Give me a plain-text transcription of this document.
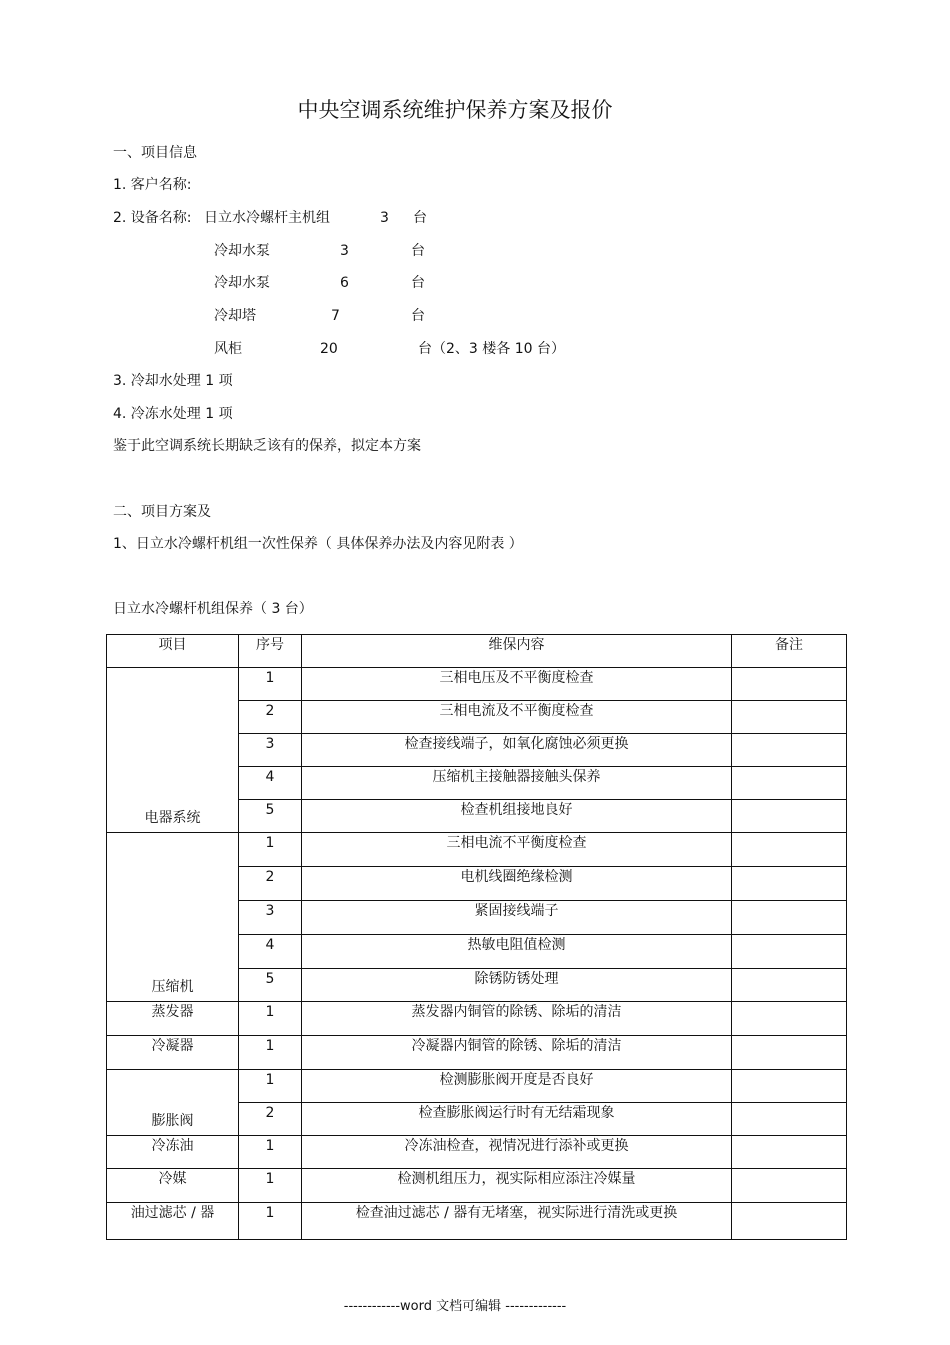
中央空调系统维护保养方案及报价
一、项目信息
1. 客户名称:
2. 设备名称: 日立水冷螺杆主机组	3 台
冷却水泵	3	台
冷却水泵	6	台
冷却塔	7	台
风柜	20	台（2、3 楼各 10 台）
3. 冷却水处理 1 项
4. 冷冻水处理 1 项
鉴于此空调系统长期缺乏该有的保养，拟定本方案
二、项目方案及
1、日立水冷螺杆机组一次性保养（ 具体保养办法及内容见附表 ）
日立水冷螺杆机组保养（ 3 台）
项目	序号	维保内容	备注
电器系统	1	三相电压及不平衡度检查	
	2	三相电流及不平衡度检查	
	3	检查接线端子，如氧化腐蚀必须更换	
	4	压缩机主接触器接触头保养	
	5	检查机组接地良好	
压缩机	1	三相电流不平衡度检查	
	2	电机线圈绝缘检测	
	3	紧固接线端子	
	4	热敏电阻值检测	
	5	除锈防锈处理	
蒸发器	1	蒸发器内铜管的除锈、除垢的清洁	
冷凝器	1	冷凝器内铜管的除锈、除垢的清洁	
膨胀阀	1	检测膨胀阀开度是否良好	
	2	检查膨胀阀运行时有无结霜现象	
冷冻油	1	冷冻油检查，视情况进行添补或更换	
冷媒	1	检测机组压力，视实际相应添注冷媒量	
油过滤芯 / 器	1	检查油过滤芯 / 器有无堵塞，视实际进行清洗或更换	
------------word 文档可编辑 -------------
